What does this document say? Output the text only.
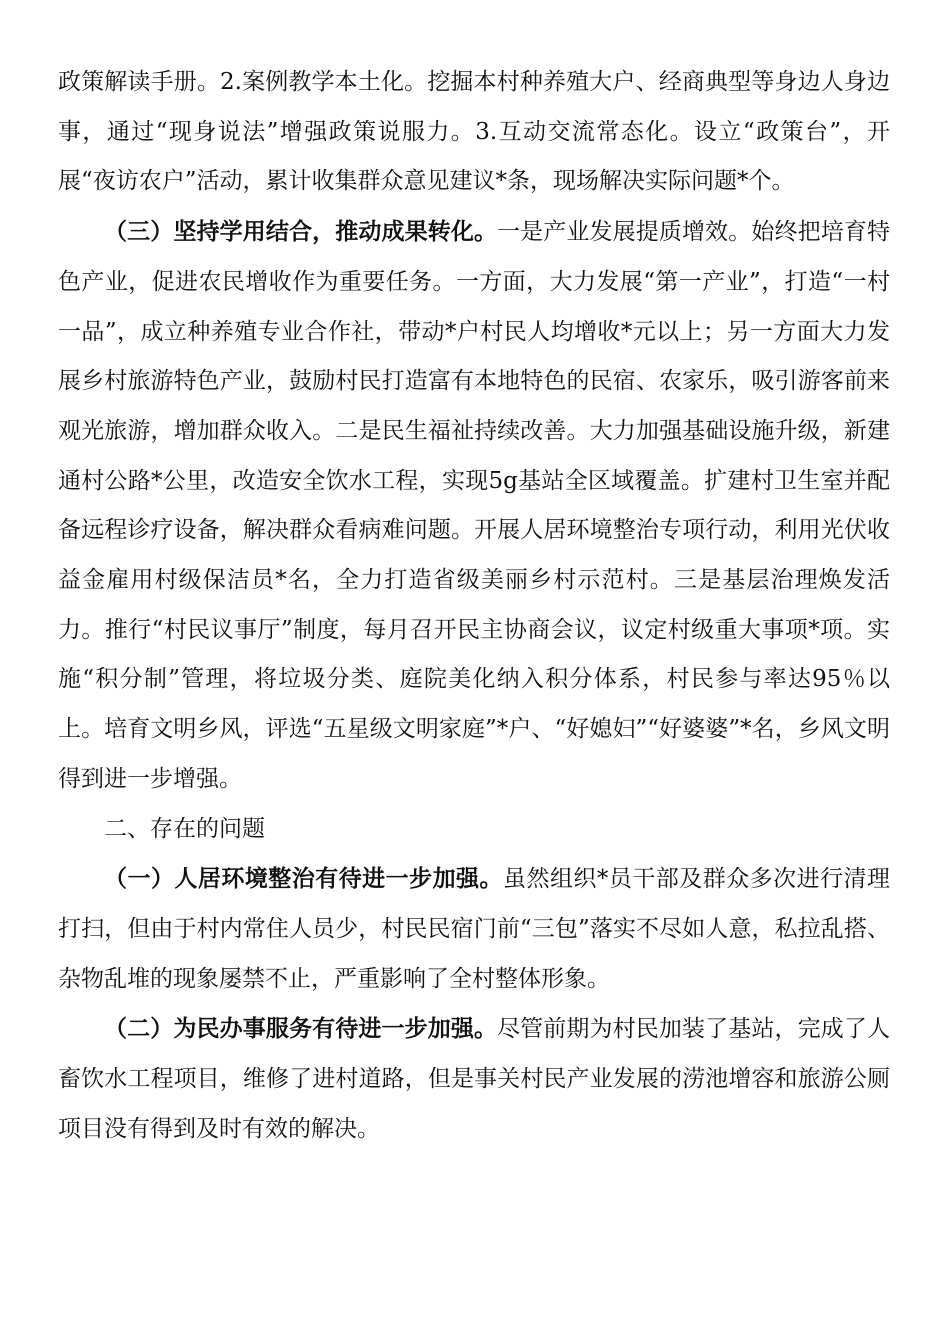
政策解读手册。2.案例教学本土化。挖掘本村种养殖大户、经商典型等身边人身边事，通过“现身说法”增强政策说服力。3.互动交流常态化。设立“政策台”，开展“夜访农户”活动，累计收集群众意见建议*条，现场解决实际问题*个。

（三）坚持学用结合，推动成果转化。一是产业发展提质增效。始终把培育特色产业，促进农民增收作为重要任务。一方面，大力发展“第一产业”，打造“一村一品”，成立种养殖专业合作社，带动*户村民人均增收*元以上；另一方面大力发展乡村旅游特色产业，鼓励村民打造富有本地特色的民宿、农家乐，吸引游客前来观光旅游，增加群众收入。二是民生福祉持续改善。大力加强基础设施升级，新建通村公路*公里，改造安全饮水工程，实现5g基站全区域覆盖。扩建村卫生室并配备远程诊疗设备，解决群众看病难问题。开展人居环境整治专项行动，利用光伏收益金雇用村级保洁员*名，全力打造省级美丽乡村示范村。三是基层治理焕发活力。推行“村民议事厅”制度，每月召开民主协商会议，议定村级重大事项*项。实施“积分制”管理，将垃圾分类、庭院美化纳入积分体系，村民参与率达95％以上。培育文明乡风，评选“五星级文明家庭”*户、“好媳妇”“好婆婆”*名，乡风文明得到进一步增强。

二、存在的问题

（一）人居环境整治有待进一步加强。虽然组织*员干部及群众多次进行清理打扫，但由于村内常住人员少，村民民宿门前“三包”落实不尽如人意，私拉乱搭、杂物乱堆的现象屡禁不止，严重影响了全村整体形象。

（二）为民办事服务有待进一步加强。尽管前期为村民加装了基站，完成了人畜饮水工程项目，维修了进村道路，但是事关村民产业发展的涝池增容和旅游公厕项目没有得到及时有效的解决。
